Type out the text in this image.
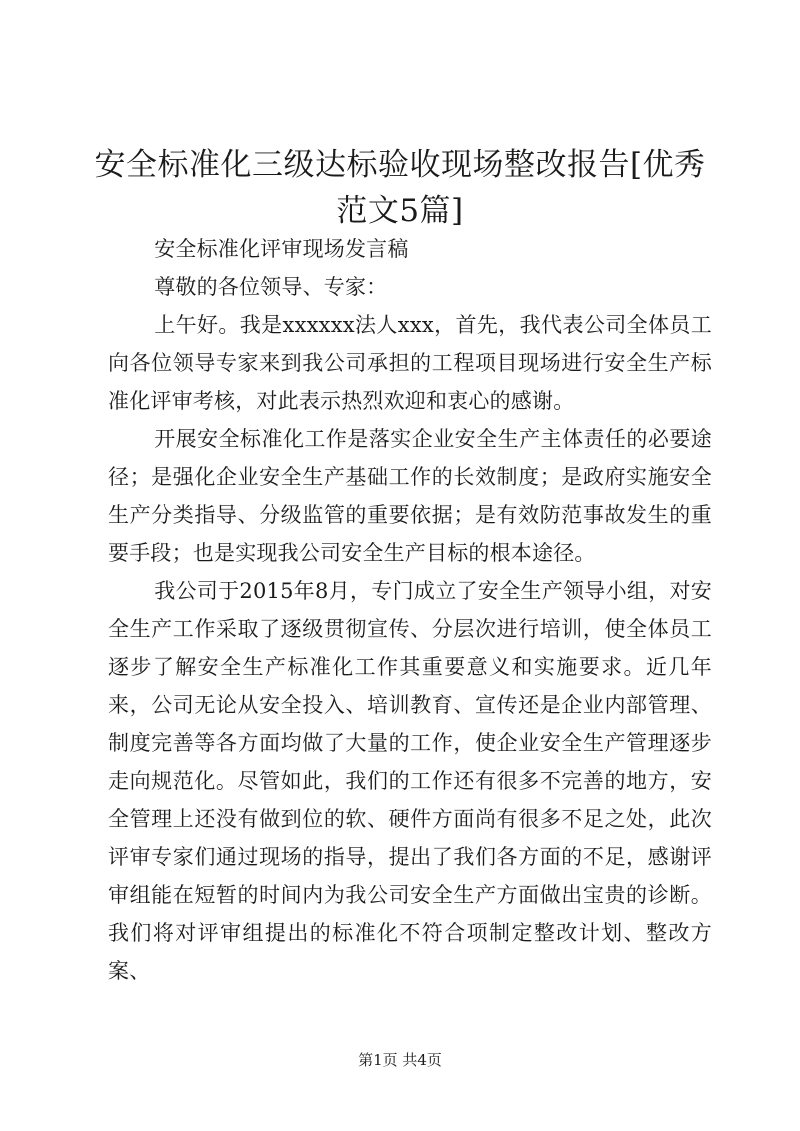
安全标准化三级达标验收现场整改报告[优秀
范文5篇]

安全标准化评审现场发言稿

尊敬的各位领导、专家：

上午好。我是xxxxxx法人xxx，首先，我代表公司全体员工向各位领导专家来到我公司承担的工程项目现场进行安全生产标准化评审考核，对此表示热烈欢迎和衷心的感谢。

开展安全标准化工作是落实企业安全生产主体责任的必要途径；是强化企业安全生产基础工作的长效制度；是政府实施安全生产分类指导、分级监管的重要依据；是有效防范事故发生的重要手段；也是实现我公司安全生产目标的根本途径。

我公司于2015年8月，专门成立了安全生产领导小组，对安全生产工作采取了逐级贯彻宣传、分层次进行培训，使全体员工逐步了解安全生产标准化工作其重要意义和实施要求。近几年来，公司无论从安全投入、培训教育、宣传还是企业内部管理、制度完善等各方面均做了大量的工作，使企业安全生产管理逐步走向规范化。尽管如此，我们的工作还有很多不完善的地方，安全管理上还没有做到位的软、硬件方面尚有很多不足之处，此次评审专家们通过现场的指导，提出了我们各方面的不足，感谢评审组能在短暂的时间内为我公司安全生产方面做出宝贵的诊断。我们将对评审组提出的标准化不符合项制定整改计划、整改方案、

第1页 共4页
